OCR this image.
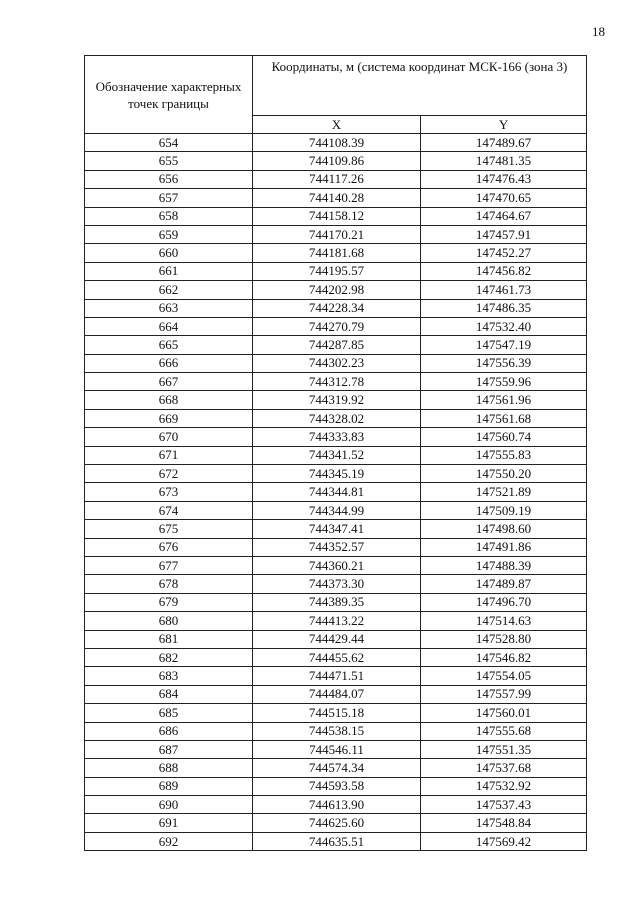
18
Обозначение характерных точек границы	Координаты, м (система координат МСК-166 (зона 3)	
	X	Y
654	744108.39	147489.67
655	744109.86	147481.35
656	744117.26	147476.43
657	744140.28	147470.65
658	744158.12	147464.67
659	744170.21	147457.91
660	744181.68	147452.27
661	744195.57	147456.82
662	744202.98	147461.73
663	744228.34	147486.35
664	744270.79	147532.40
665	744287.85	147547.19
666	744302.23	147556.39
667	744312.78	147559.96
668	744319.92	147561.96
669	744328.02	147561.68
670	744333.83	147560.74
671	744341.52	147555.83
672	744345.19	147550.20
673	744344.81	147521.89
674	744344.99	147509.19
675	744347.41	147498.60
676	744352.57	147491.86
677	744360.21	147488.39
678	744373.30	147489.87
679	744389.35	147496.70
680	744413.22	147514.63
681	744429.44	147528.80
682	744455.62	147546.82
683	744471.51	147554.05
684	744484.07	147557.99
685	744515.18	147560.01
686	744538.15	147555.68
687	744546.11	147551.35
688	744574.34	147537.68
689	744593.58	147532.92
690	744613.90	147537.43
691	744625.60	147548.84
692	744635.51	147569.42
